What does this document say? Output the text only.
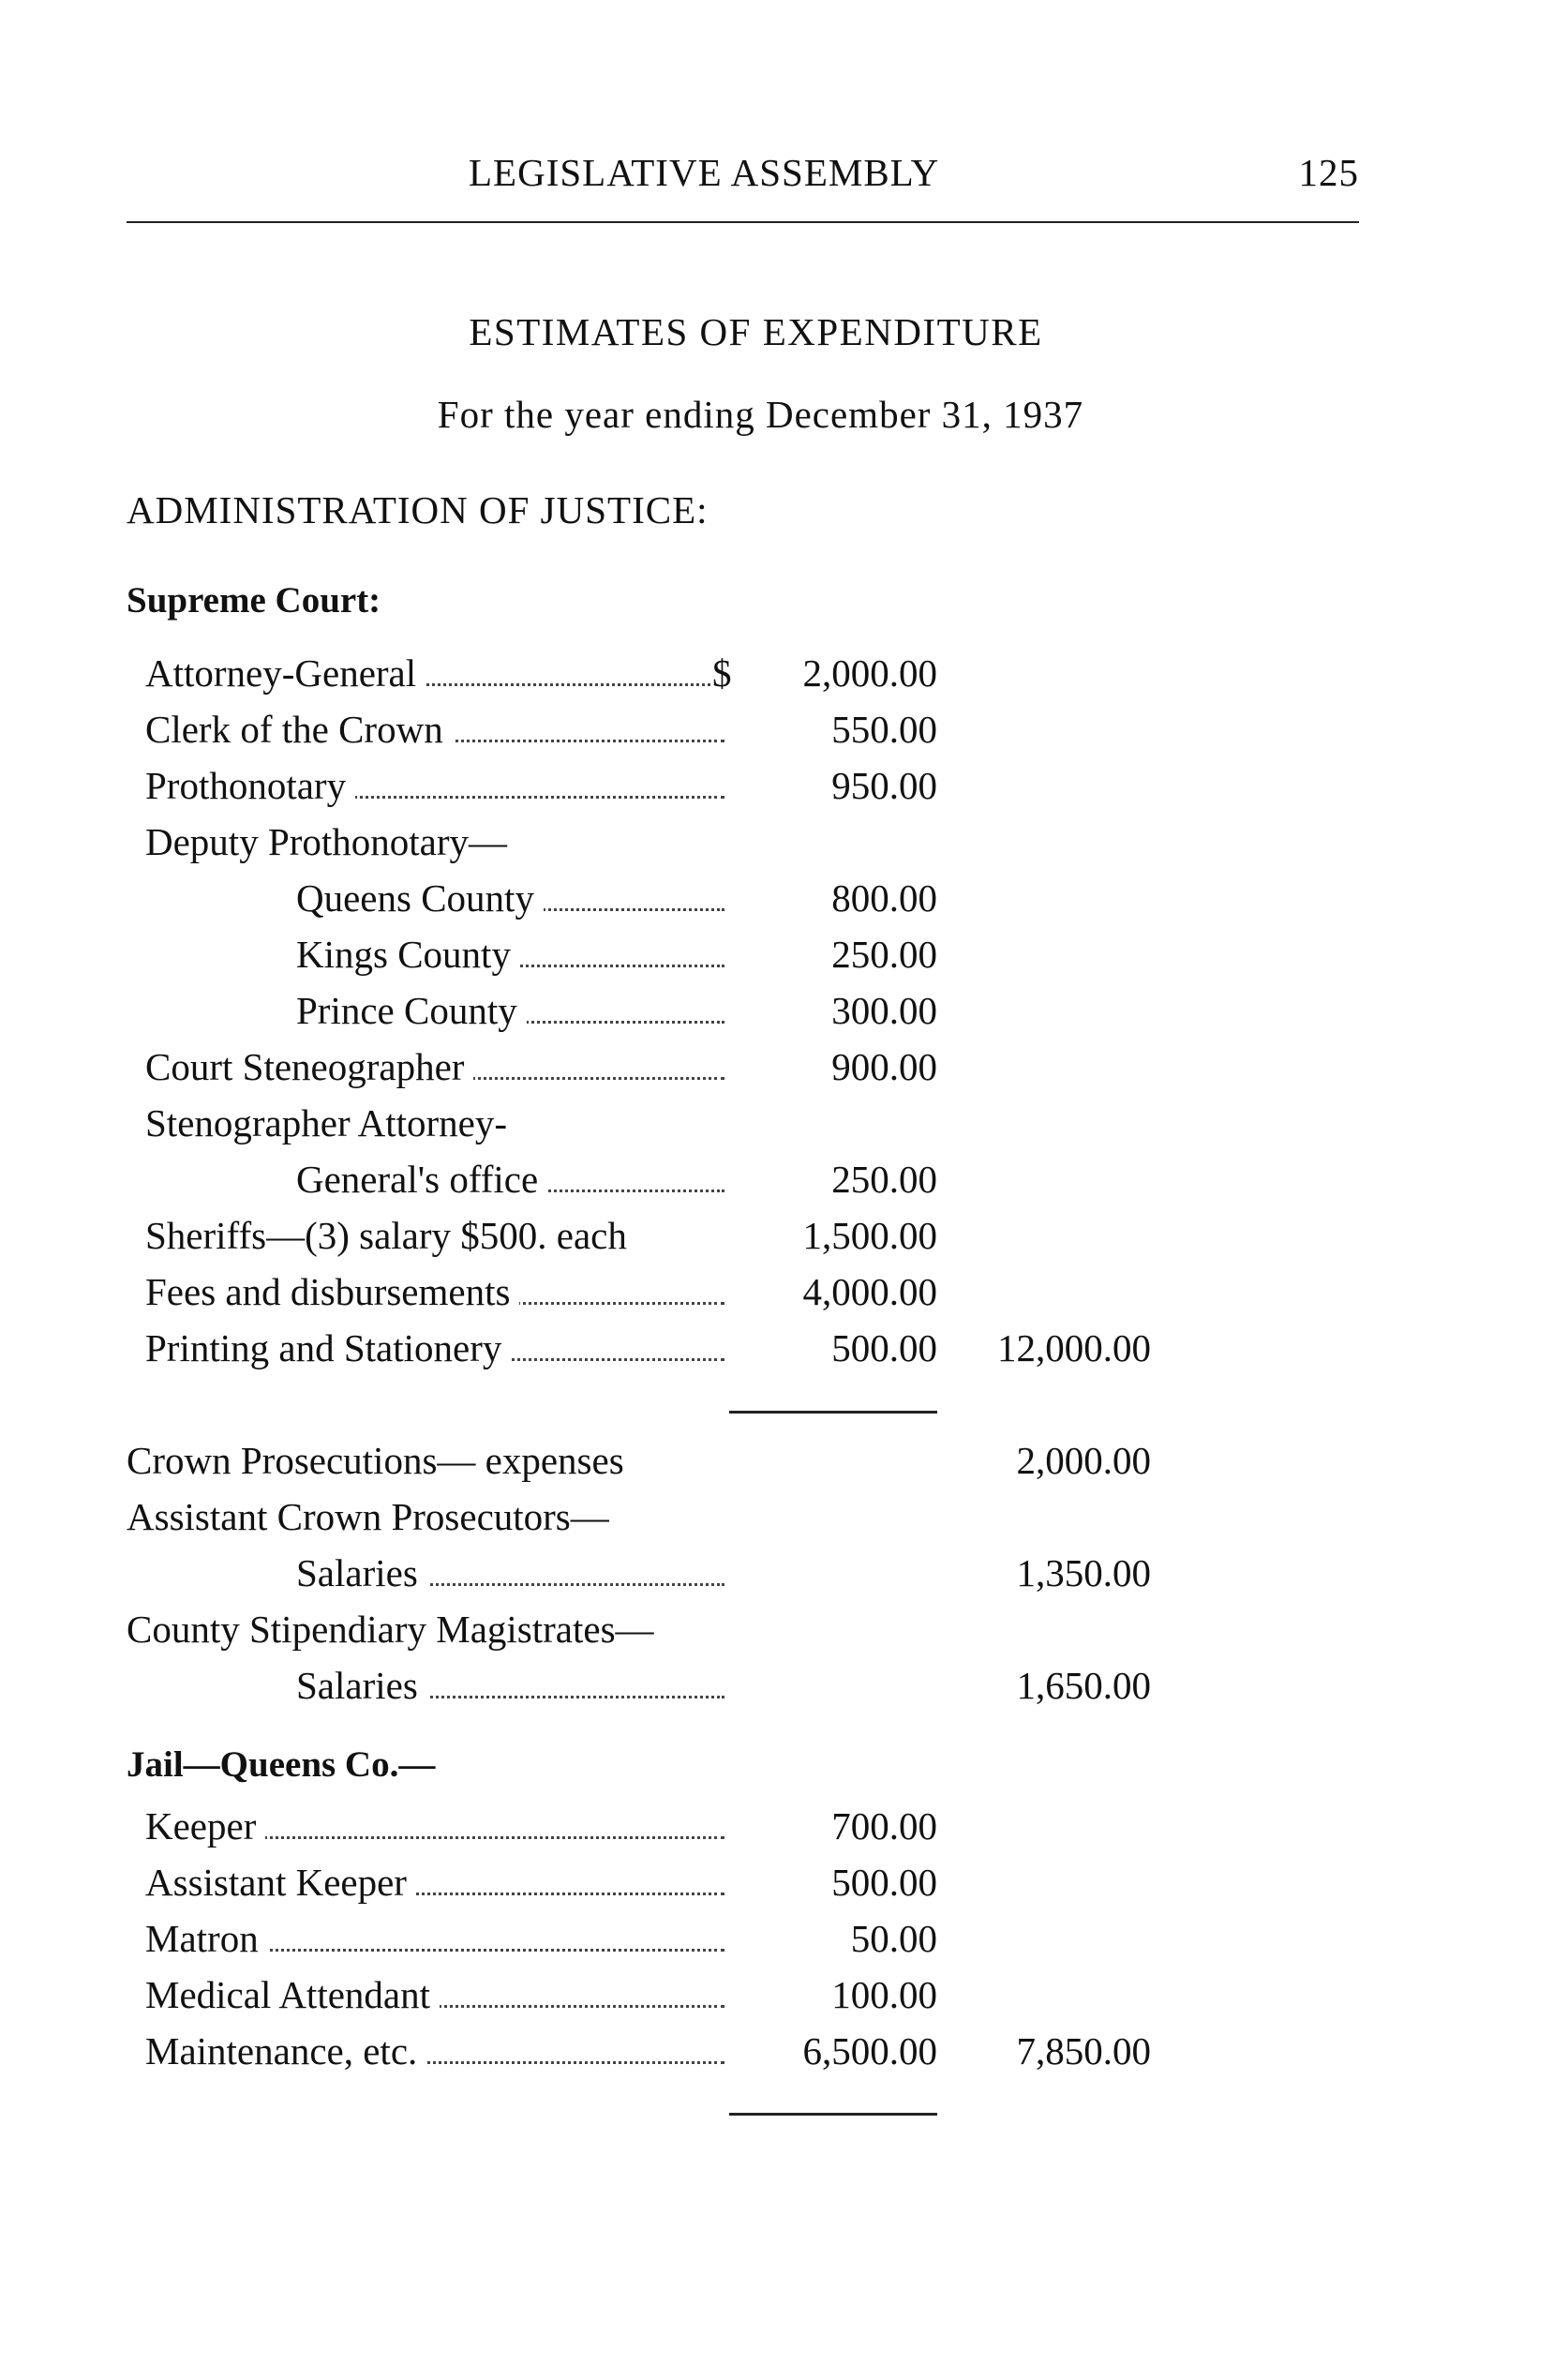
LEGISLATIVE ASSEMBLY	125
ESTIMATES OF EXPENDITURE
For the year ending December 31, 1937
ADMINISTRATION OF JUSTICE:
Supreme Court:
Attorney-General	$ 2,000.00
Clerk of the Crown	550.00
Prothonotary	950.00
Deputy Prothonotary—
Queens County	800.00
Kings County	250.00
Prince County	300.00
Court Steneographer	900.00
Stenographer Attorney-
General's office	250.00
Sheriffs—(3) salary $500. each	1,500.00
Fees and disbursements	4,000.00
Printing and Stationery	500.00 12,000.00
Crown Prosecutions— expenses	2,000.00
Assistant Crown Prosecutors—
Salaries	1,350.00
County Stipendiary Magistrates—
Salaries	1,650.00
Jail—Queens Co.—
Keeper	700.00
Assistant Keeper	500.00
Matron	50.00
Medical Attendant	100.00
Maintenance, etc.	6,500.00 7,850.00
